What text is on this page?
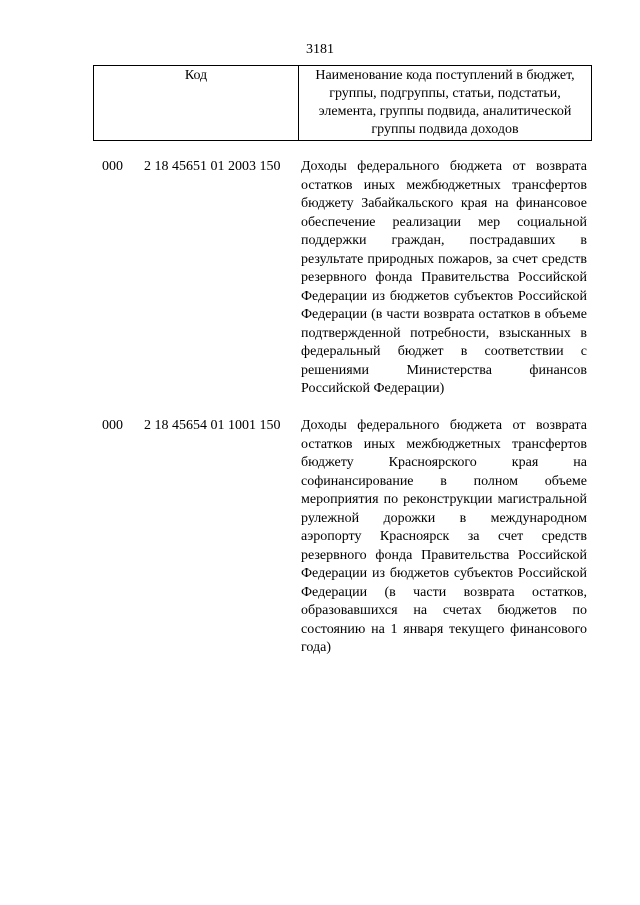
3181
Код	Наименование кода поступлений в бюджет, группы, подгруппы, статьи, подстатьи, элемента, группы подвида, аналитической группы подвида доходов
000 2 18 45651 01 2003 150 Доходы федерального бюджета от возврата остатков иных межбюджетных трансфертов бюджету Забайкальского края на финансовое обеспечение реализации мер социальной поддержки граждан, пострадавших в результате природных пожаров, за счет средств резервного фонда Правительства Российской Федерации из бюджетов субъектов Российской Федерации (в части возврата остатков в объеме подтвержденной потребности, взысканных в федеральный бюджет в соответствии с решениями Министерства финансов Российской Федерации)
000 2 18 45654 01 1001 150 Доходы федерального бюджета от возврата остатков иных межбюджетных трансфертов бюджету Красноярского края на софинансирование в полном объеме мероприятия по реконструкции магистральной рулежной дорожки в международном аэропорту Красноярск за счет средств резервного фонда Правительства Российской Федерации из бюджетов субъектов Российской Федерации (в части возврата остатков, образовавшихся на счетах бюджетов по состоянию на 1 января текущего финансового года)
